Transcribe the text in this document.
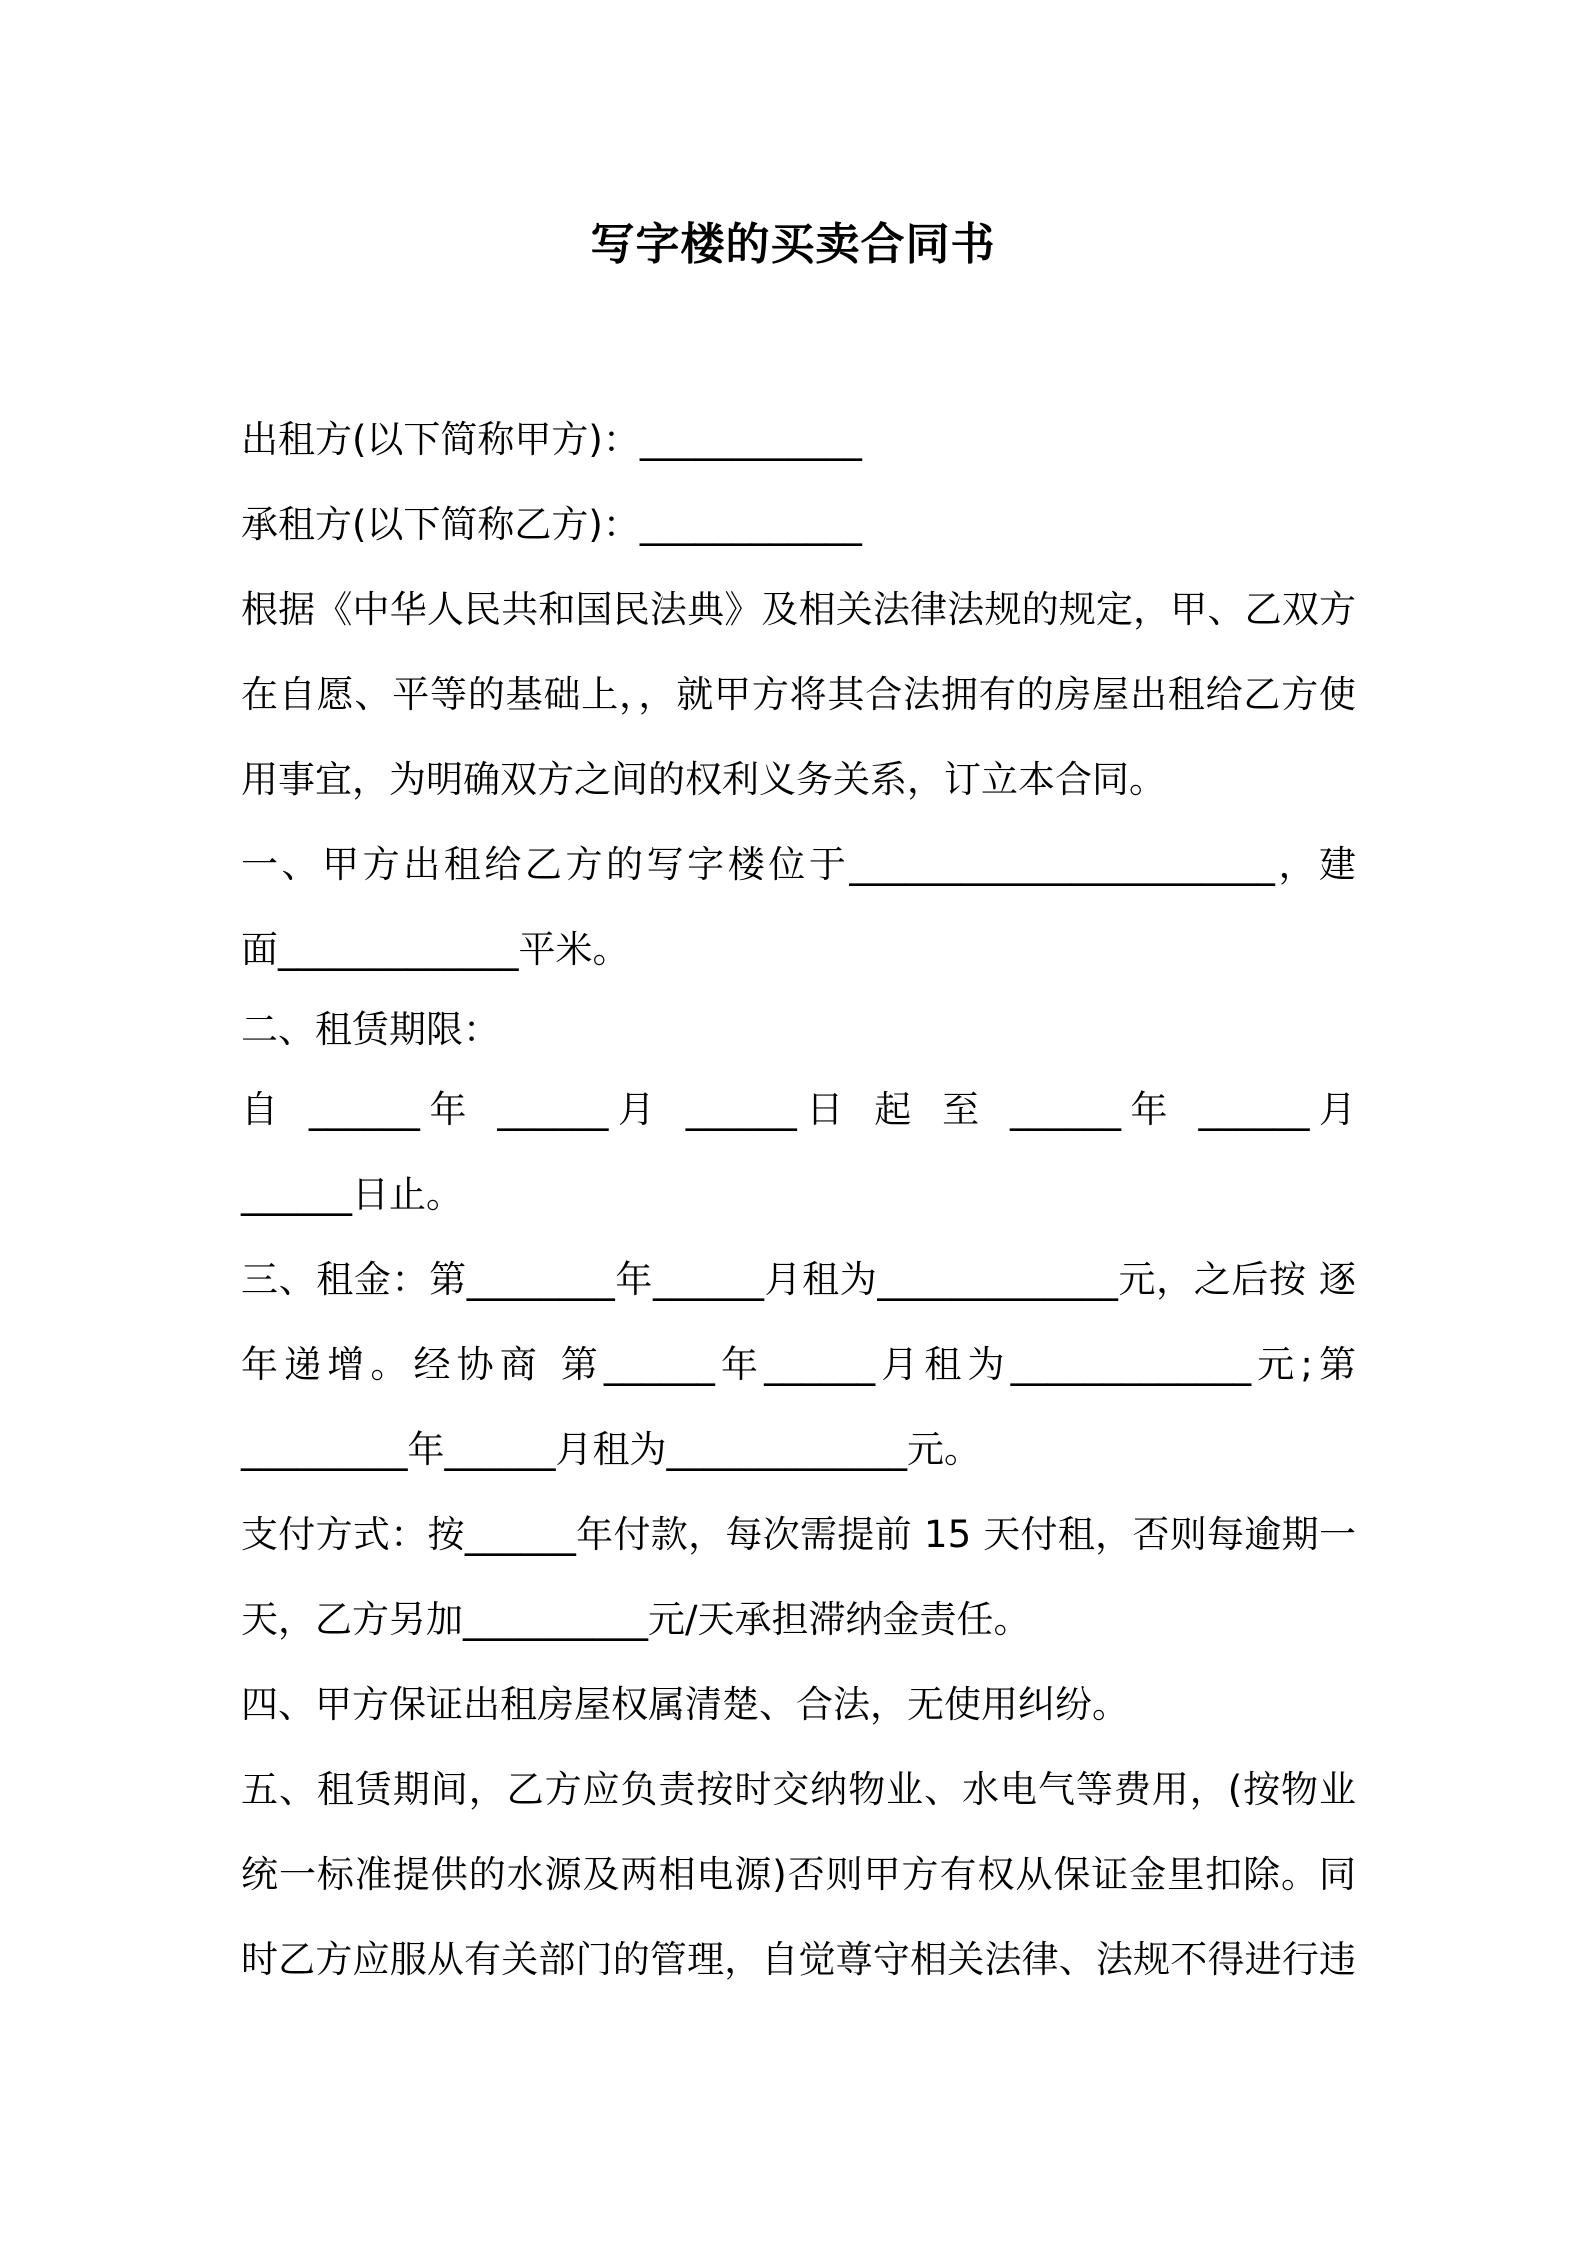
写字楼的买卖合同书
出租方(以下简称甲方)：____________
承租方(以下简称乙方)：____________
根据《中华人民共和国民法典》及相关法律法规的规定，甲、乙双方
在自愿、平等的基础上，，就甲方将其合法拥有的房屋出租给乙方使
用事宜，为明确双方之间的权利义务关系，订立本合同。
一、甲方出租给乙方的写字楼位于_______________________，建
面_____________平米。
二、租赁期限：
自 ______年 ______月 ______日 起 至 ______年 ______月
______日止。
三、租金：第________年______月租为_____________元，之后按 逐
年递增。经协商 第______年______月租为_____________元;第
_________年______月租为_____________元。
支付方式：按______年付款，每次需提前 15 天付租，否则每逾期一
天，乙方另加__________元/天承担滞纳金责任。
四、甲方保证出租房屋权属清楚、合法，无使用纠纷。
五、租赁期间，乙方应负责按时交纳物业、水电气等费用，(按物业
统一标准提供的水源及两相电源)否则甲方有权从保证金里扣除。同
时乙方应服从有关部门的管理，自觉尊守相关法律、法规不得进行违
